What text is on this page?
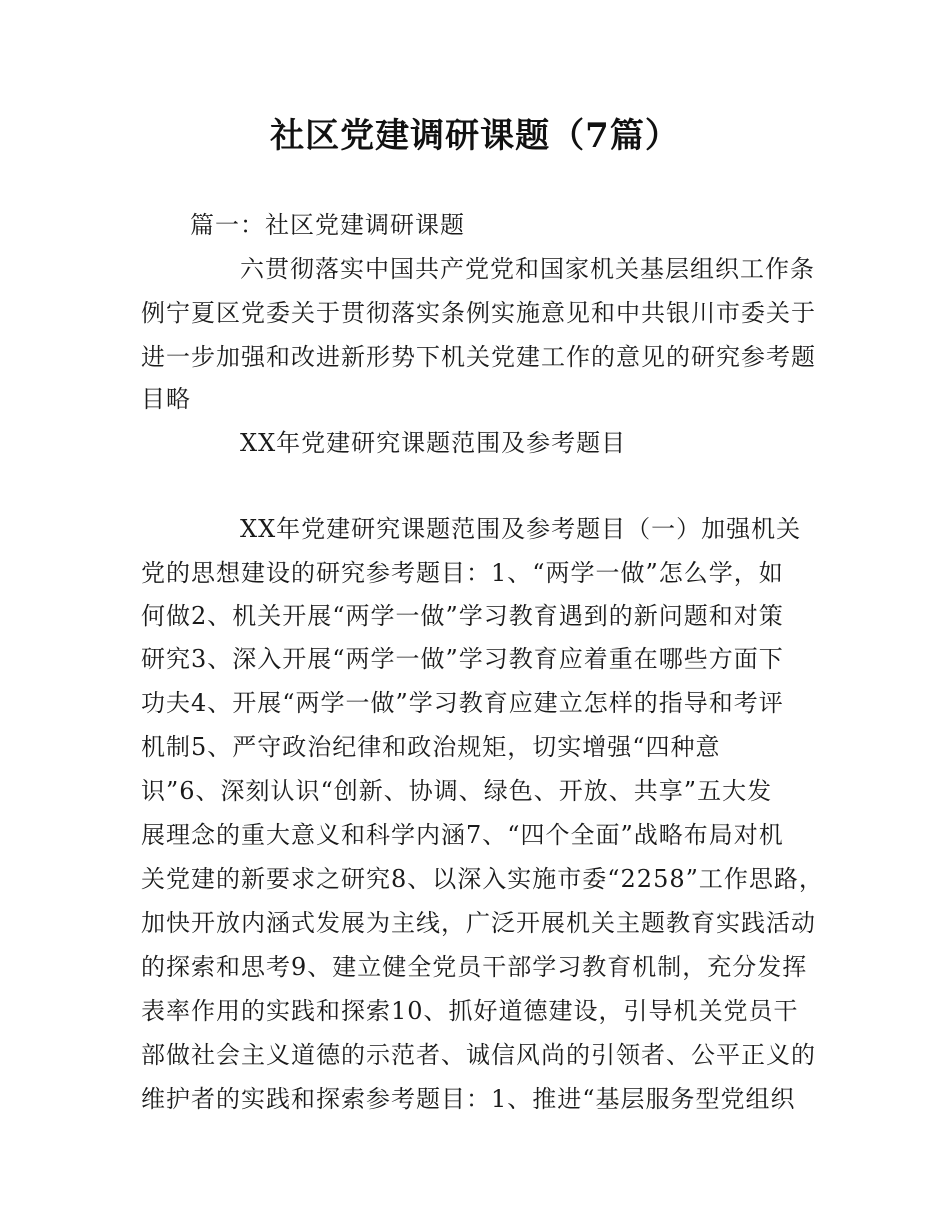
社区党建调研课题（7篇）
篇一：社区党建调研课题
六贯彻落实中国共产党党和国家机关基层组织工作条
例宁夏区党委关于贯彻落实条例实施意见和中共银川市委关于
进一步加强和改进新形势下机关党建工作的意见的研究参考题
目略
XX年党建研究课题范围及参考题目
XX年党建研究课题范围及参考题目（一）加强机关
党的思想建设的研究参考题目：1、“两学一做”怎么学，如
何做2、机关开展“两学一做”学习教育遇到的新问题和对策
研究3、深入开展“两学一做”学习教育应着重在哪些方面下
功夫4、开展“两学一做”学习教育应建立怎样的指导和考评
机制5、严守政治纪律和政治规矩，切实增强“四种意
识”6、深刻认识“创新、协调、绿色、开放、共享”五大发
展理念的重大意义和科学内涵7、“四个全面”战略布局对机
关党建的新要求之研究8、以深入实施市委“2258”工作思路，
加快开放内涵式发展为主线，广泛开展机关主题教育实践活动
的探索和思考9、建立健全党员干部学习教育机制，充分发挥
表率作用的实践和探索10、抓好道德建设，引导机关党员干
部做社会主义道德的示范者、诚信风尚的引领者、公平正义的
维护者的实践和探索参考题目：1、推进“基层服务型党组织
